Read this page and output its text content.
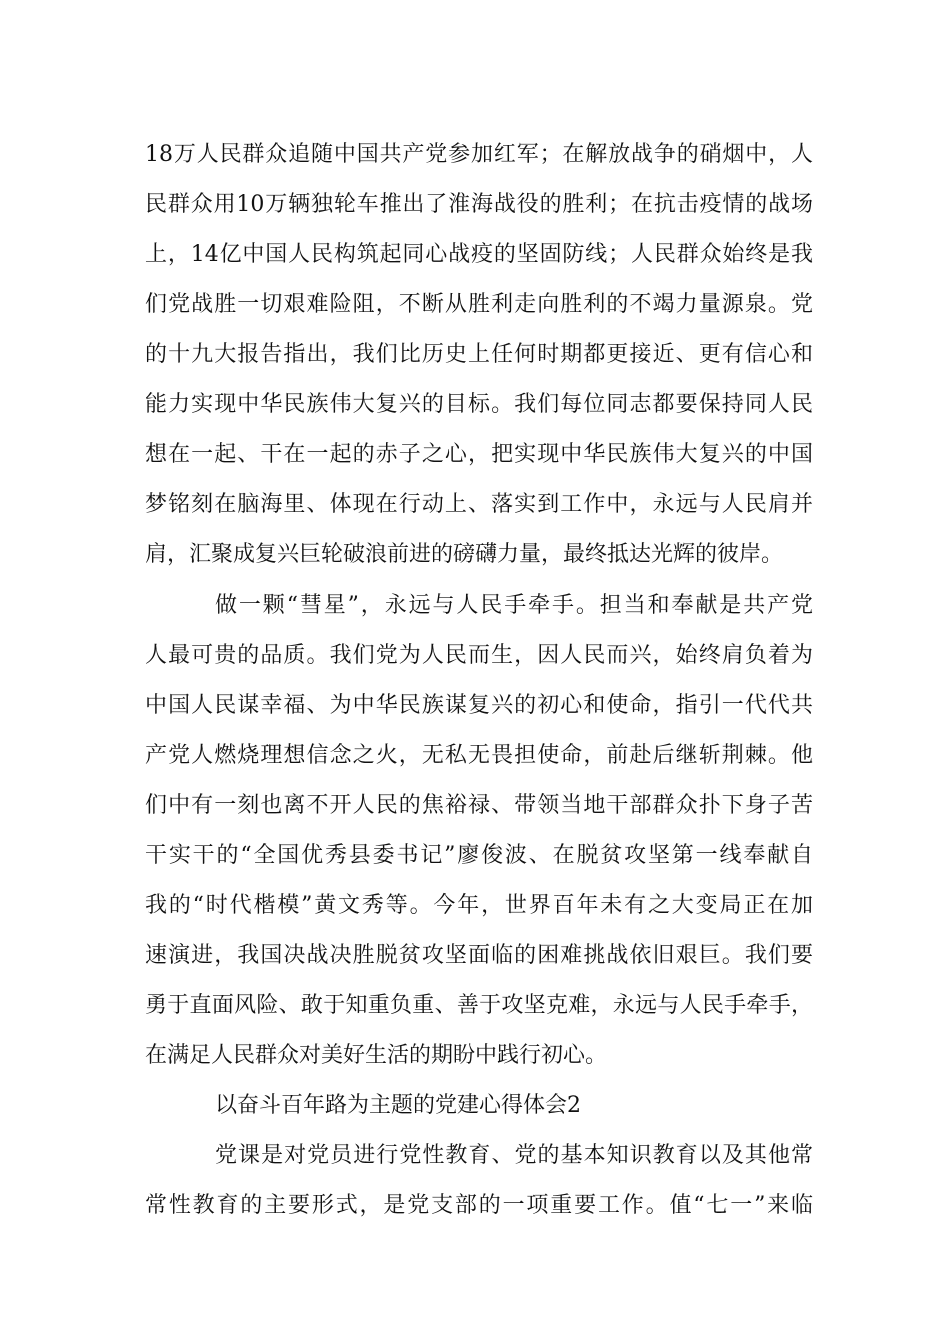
18万人民群众追随中国共产党参加红军；在解放战争的硝烟中，人
民群众用10万辆独轮车推出了淮海战役的胜利；在抗击疫情的战场
上，14亿中国人民构筑起同心战疫的坚固防线；人民群众始终是我
们党战胜一切艰难险阻，不断从胜利走向胜利的不竭力量源泉。党
的十九大报告指出，我们比历史上任何时期都更接近、更有信心和
能力实现中华民族伟大复兴的目标。我们每位同志都要保持同人民
想在一起、干在一起的赤子之心，把实现中华民族伟大复兴的中国
梦铭刻在脑海里、体现在行动上、落实到工作中，永远与人民肩并
肩，汇聚成复兴巨轮破浪前进的磅礴力量，最终抵达光辉的彼岸。
做一颗“彗星”，永远与人民手牵手。担当和奉献是共产党
人最可贵的品质。我们党为人民而生，因人民而兴，始终肩负着为
中国人民谋幸福、为中华民族谋复兴的初心和使命，指引一代代共
产党人燃烧理想信念之火，无私无畏担使命，前赴后继斩荆棘。他
们中有一刻也离不开人民的焦裕禄、带领当地干部群众扑下身子苦
干实干的“全国优秀县委书记”廖俊波、在脱贫攻坚第一线奉献自
我的“时代楷模”黄文秀等。今年，世界百年未有之大变局正在加
速演进，我国决战决胜脱贫攻坚面临的困难挑战依旧艰巨。我们要
勇于直面风险、敢于知重负重、善于攻坚克难，永远与人民手牵手，
在满足人民群众对美好生活的期盼中践行初心。
以奋斗百年路为主题的党建心得体会2
党课是对党员进行党性教育、党的基本知识教育以及其他常
常性教育的主要形式，是党支部的一项重要工作。值“七一”来临
